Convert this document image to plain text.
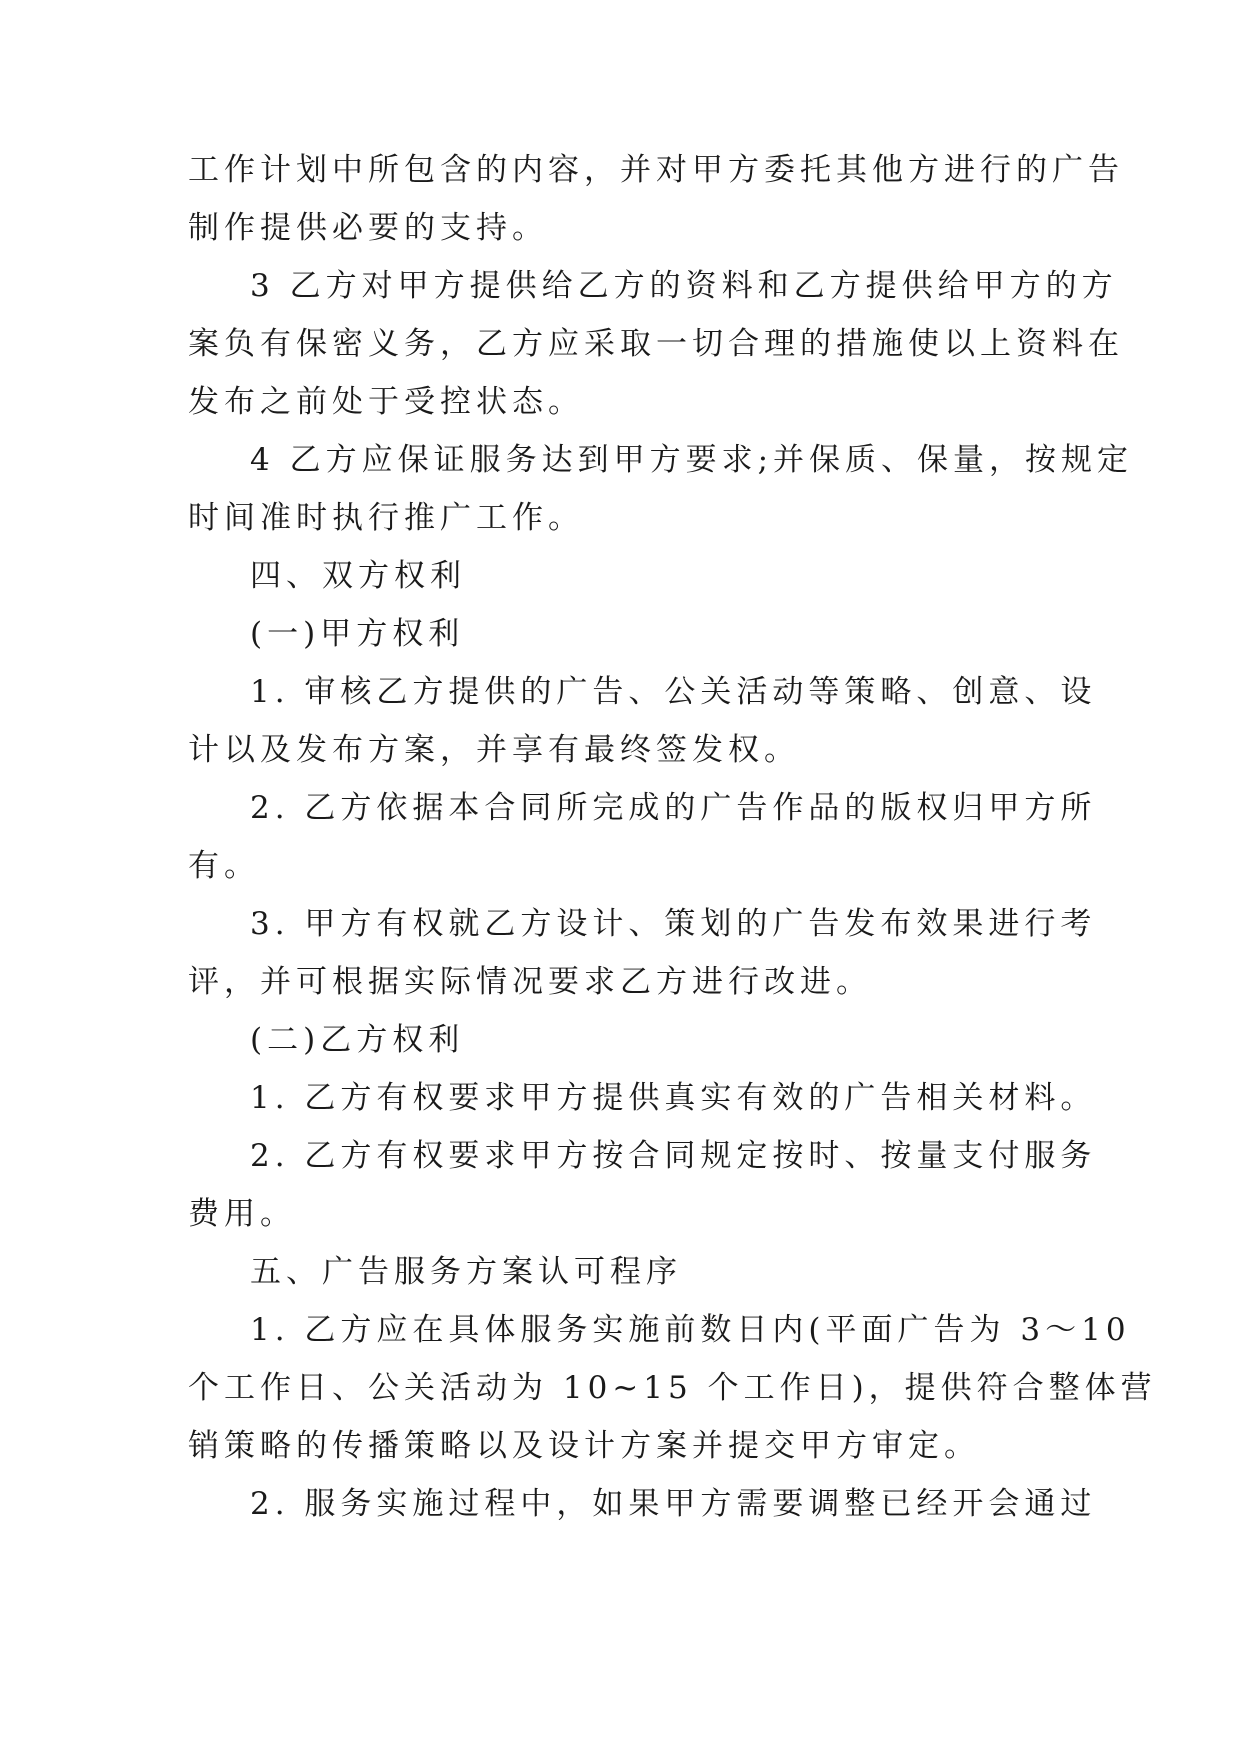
工作计划中所包含的内容，并对甲方委托其他方进行的广告
制作提供必要的支持。
3 乙方对甲方提供给乙方的资料和乙方提供给甲方的方
案负有保密义务，乙方应采取一切合理的措施使以上资料在
发布之前处于受控状态。
4 乙方应保证服务达到甲方要求;并保质、保量，按规定
时间准时执行推广工作。
四、双方权利
(一)甲方权利
1. 审核乙方提供的广告、公关活动等策略、创意、设
计以及发布方案，并享有最终签发权。
2. 乙方依据本合同所完成的广告作品的版权归甲方所
有。
3. 甲方有权就乙方设计、策划的广告发布效果进行考
评，并可根据实际情况要求乙方进行改进。
(二)乙方权利
1. 乙方有权要求甲方提供真实有效的广告相关材料。
2. 乙方有权要求甲方按合同规定按时、按量支付服务
费用。
五、广告服务方案认可程序
1. 乙方应在具体服务实施前数日内(平面广告为 3～10
个工作日、公关活动为 10~15 个工作日)，提供符合整体营
销策略的传播策略以及设计方案并提交甲方审定。
2. 服务实施过程中，如果甲方需要调整已经开会通过
